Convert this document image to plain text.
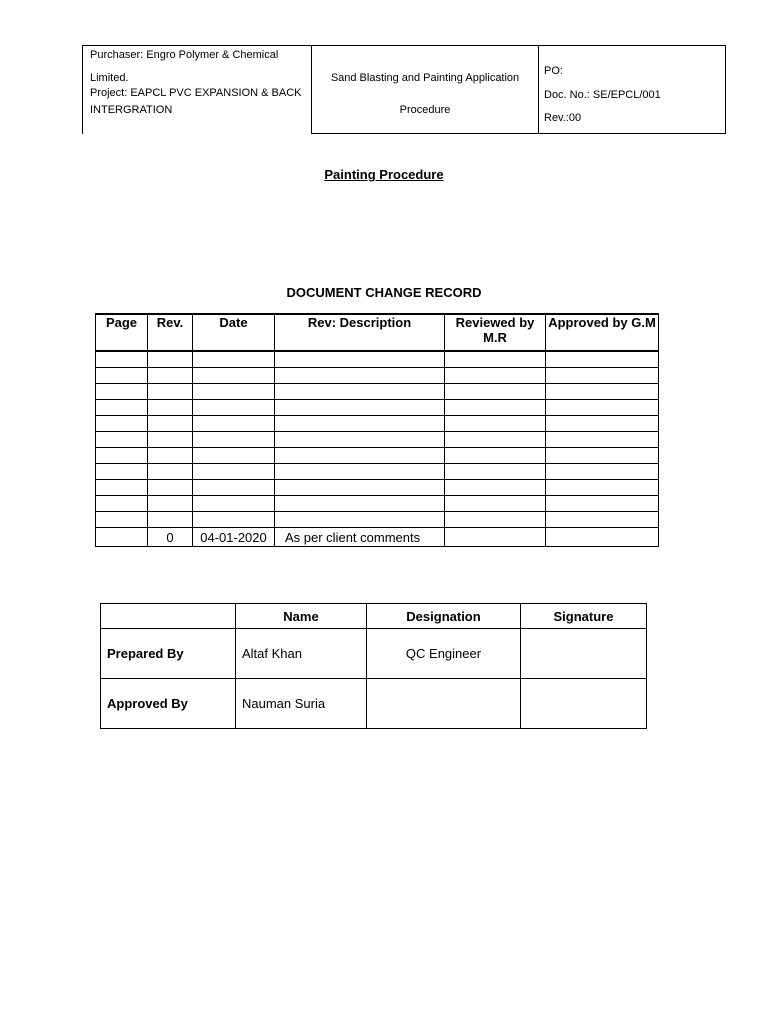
Purchaser: Engro Polymer & Chemical
Limited.
Project: EAPCL PVC EXPANSION & BACK
INTERGRATION
Sand Blasting and Painting Application
Procedure
PO:
Doc. No.: SE/EPCL/001
Rev.:00
Painting Procedure
DOCUMENT CHANGE RECORD
Page	Rev.	Date	Rev: Description	Reviewed by M.R	Approved by G.M

	0	04-01-2020	As per client comments		
	Name	Designation	Signature
Prepared By	Altaf Khan	QC Engineer	
Approved By	Nauman Suria		
